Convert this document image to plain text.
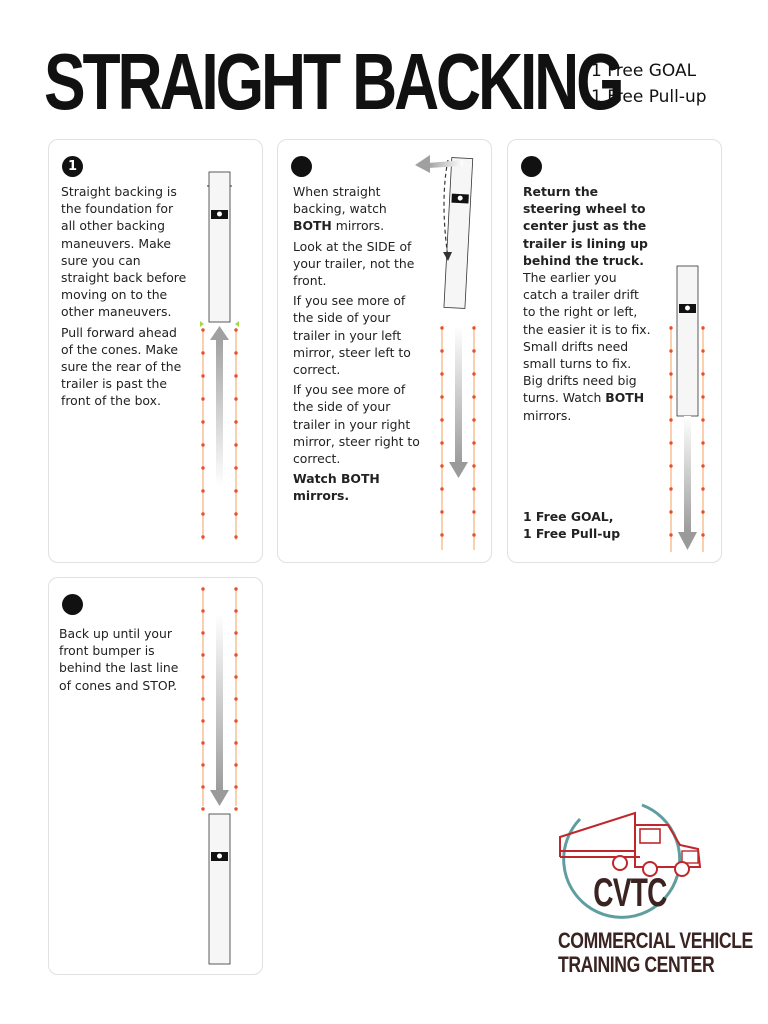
STRAIGHT BACKING
1 Free GOAL
1 Free Pull-up
1

Straight backing is the foundation for all other backing maneuvers. Make sure you can straight back before moving on to the other maneuvers.

Pull forward ahead of the cones. Make sure the rear of the trailer is past the front of the box.

When straight backing, watch BOTH mirrors.

Look at the SIDE of your trailer, not the front.

If you see more of the side of your trailer in your left mirror, steer left to correct.

If you see more of the side of your trailer in your right mirror, steer right to correct.

Watch BOTH mirrors.

Return the steering wheel to center just as the trailer is lining up behind the truck.

The earlier you catch a trailer drift to the right or left, the easier it is to fix. Small drifts need small turns to fix. Big drifts need big turns. Watch BOTH mirrors.

1 Free GOAL,
1 Free Pull-up

Back up until your front bumper is behind the last line of cones and STOP.

CVTC
COMMERCIAL VEHICLE
TRAINING CENTER
